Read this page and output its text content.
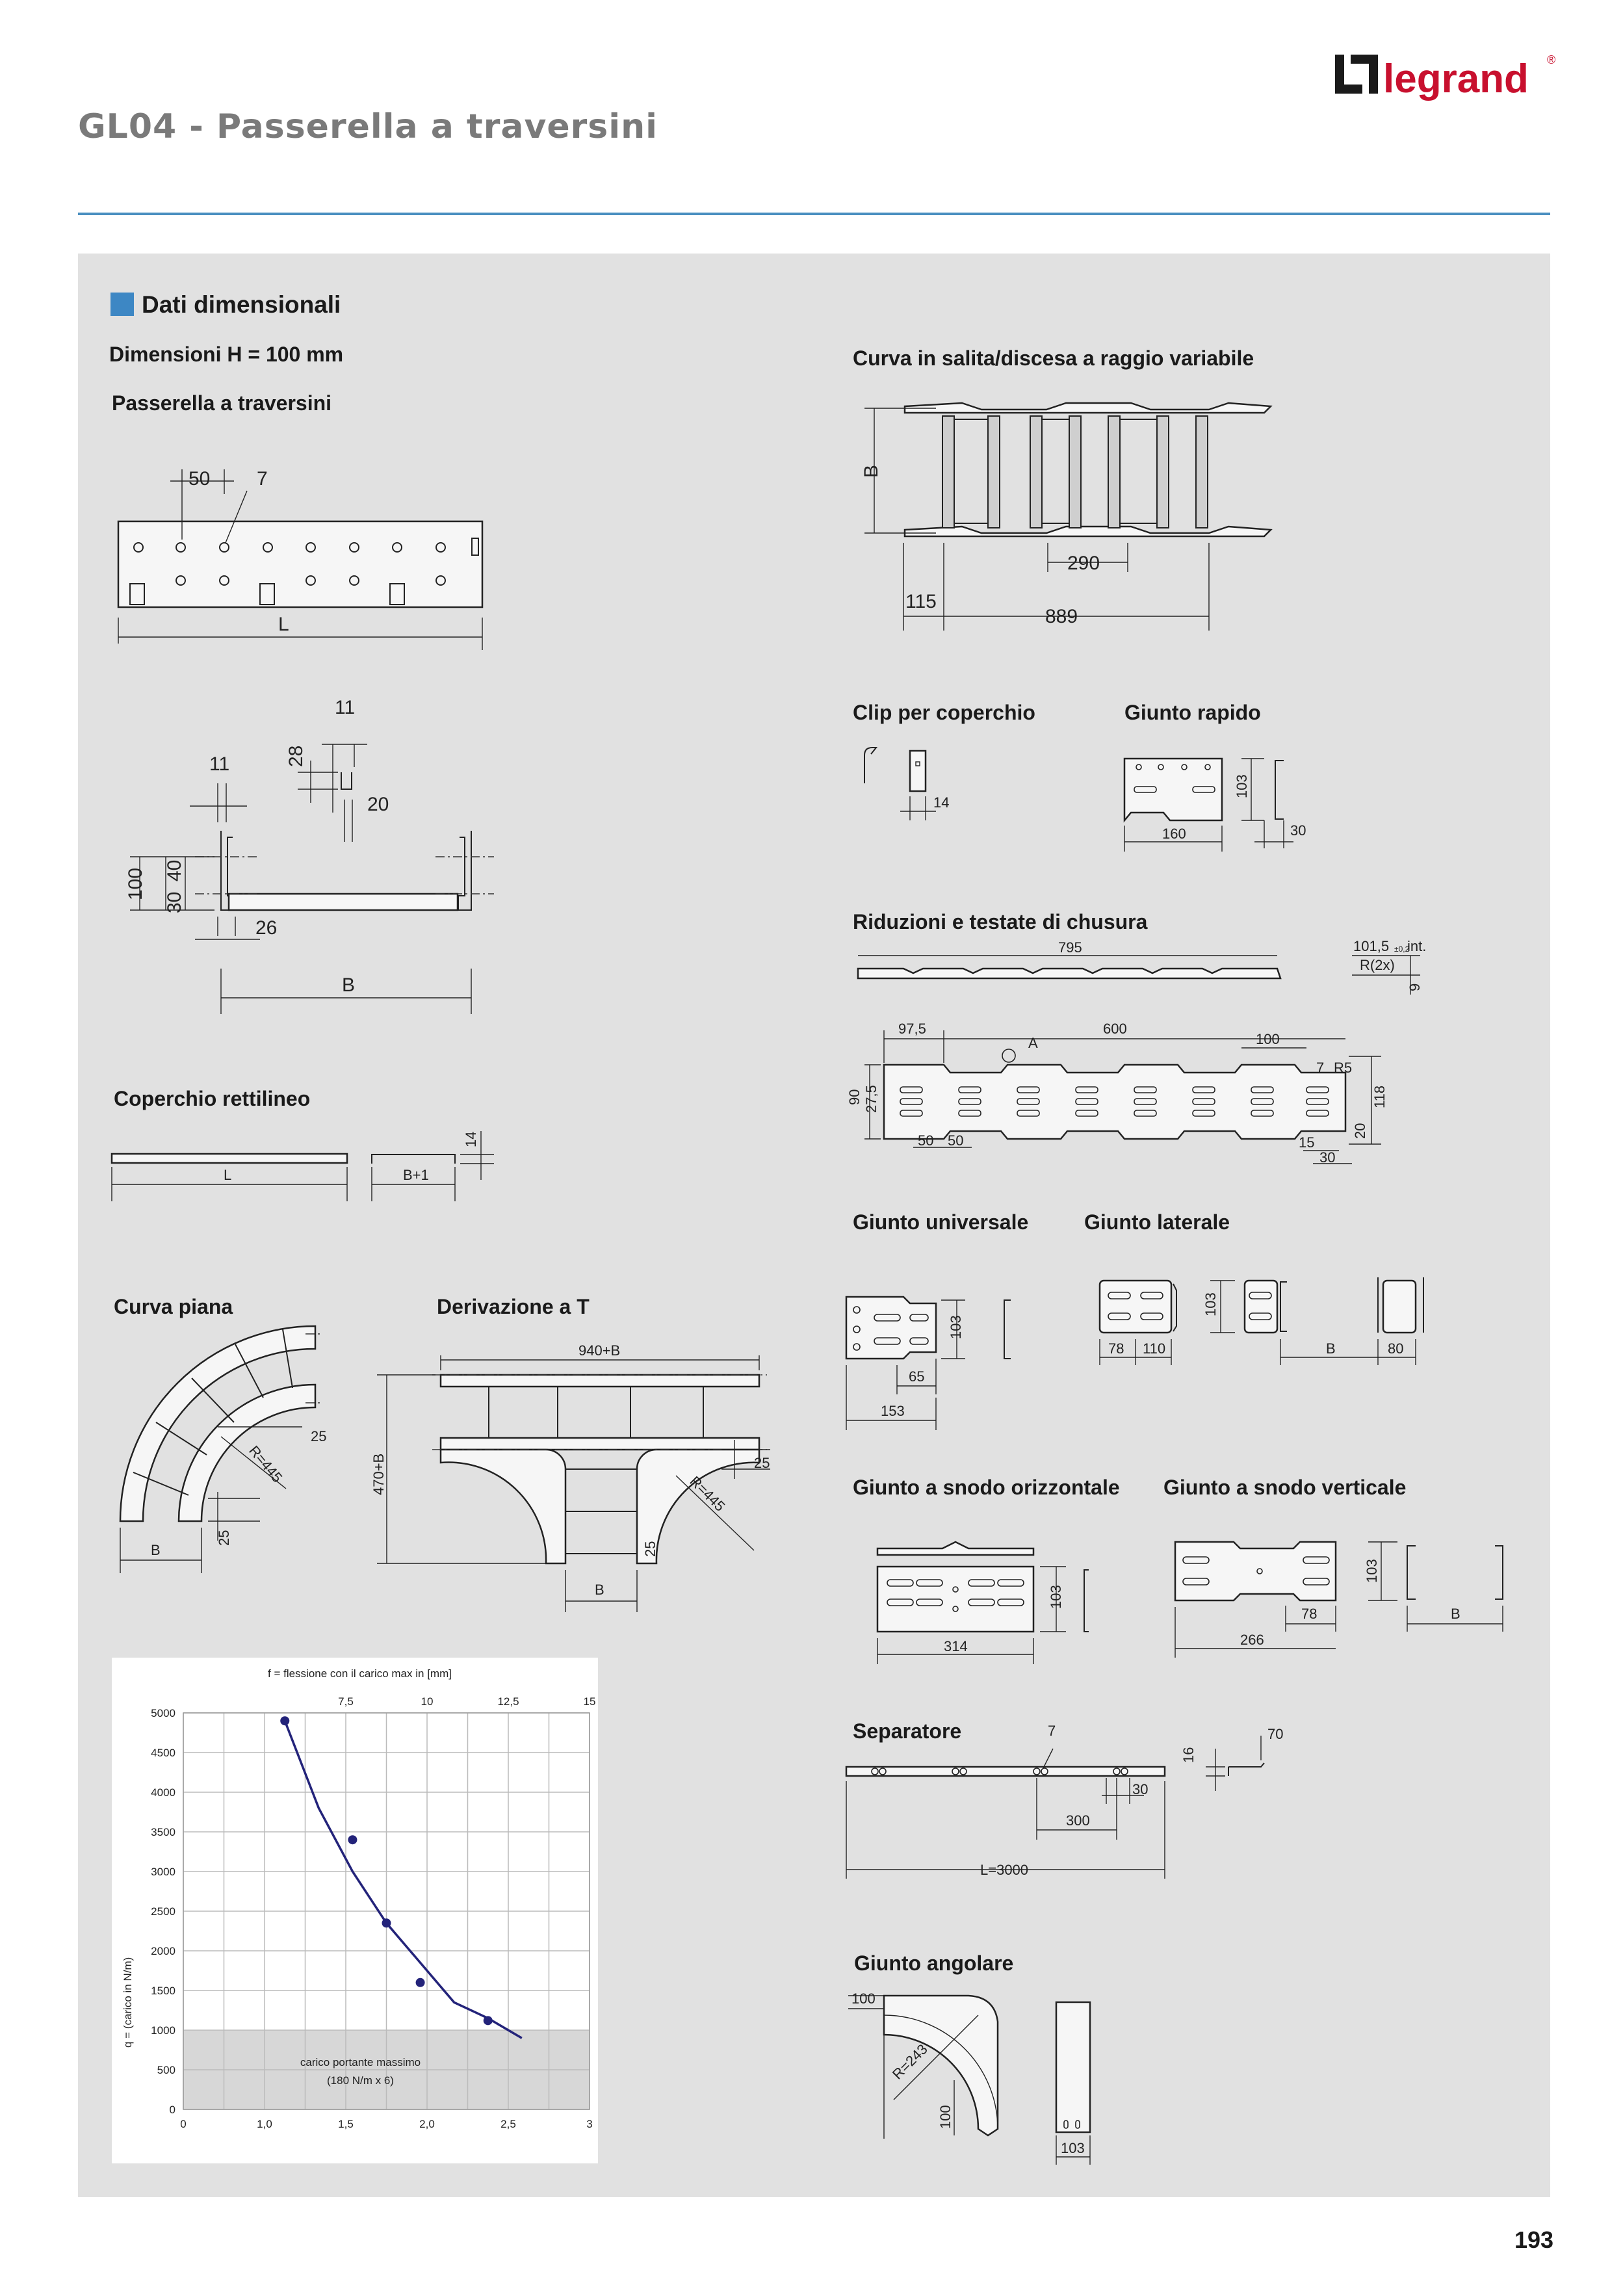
legrand ®
GL04 - Passerella a traversini
Dati dimensionali
Dimensioni H = 100 mm
Passerella a traversini
Coperchio rettilineo
Curva piana	Derivazione a T
Curva in salita/discesa a raggio variabile
Clip per coperchio	Giunto rapido
Riduzioni e testate di chusura
Giunto universale	Giunto laterale
Giunto a snodo orizzontale Giunto a snodo verticale
Separatore
Giunto angolare
50 7
L
11
28
11
20
100 40
30
26
B
L	B+1
14
25
R=445
B
25
940+B
470+B	25
R=445
25
B
B
290
115
889
14
103
160	30
795	101,5 ±0,2
int.
R(2x)
9
97,5	600
A	100
7 R5
90 27,5	118
20
50 50	15
30
103
65
153
78 110
103
B	80
103
314
103
78
266
B
7
16
70
30
300
L=3000
100
R=243
100
103
f = flessione con il carico max in [mm]
0
500
1000
1500
2000
2500
3000
3500
4000
4500
5000
0	1,0	1,5	2,0	2,5	3
7,5	10	12,5	15
carico portante massimo
(180 N/m x 6)
q = (carico in N/m)
193
